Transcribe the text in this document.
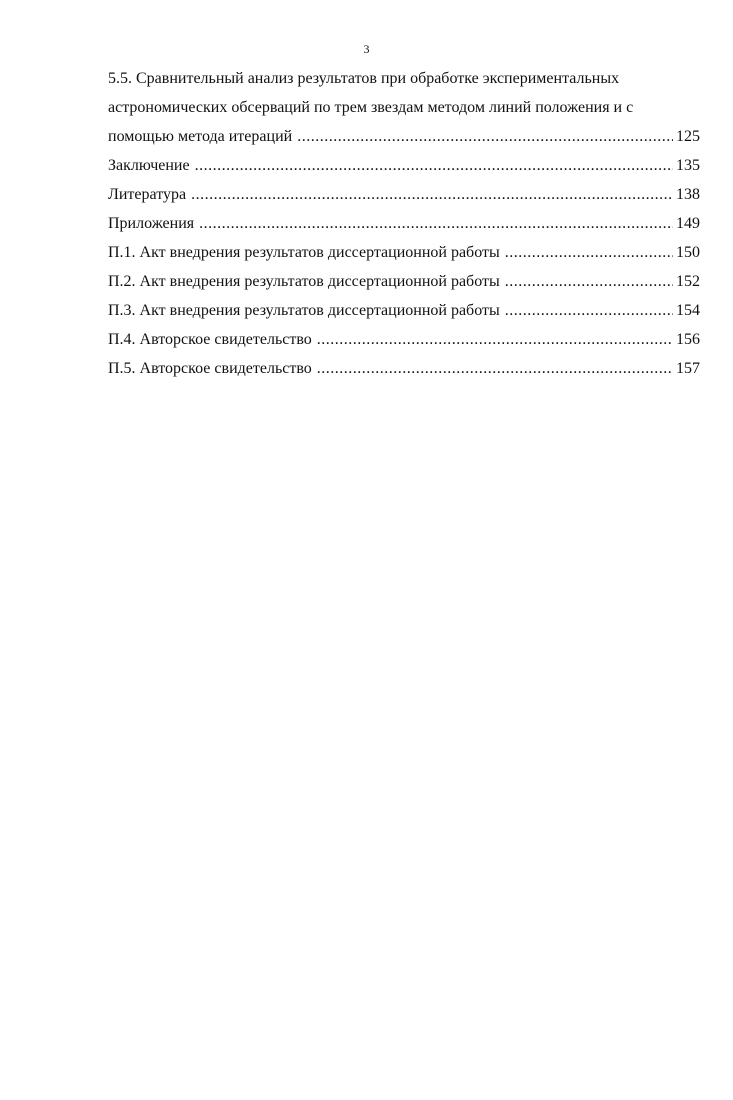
3
5.5. Сравнительный анализ результатов при обработке экспериментальных
астрономических обсерваций по трем звездам методом линий положения и с
помощью метода итераций .....	125
Заключение .....	135
Литература .....	138
Приложения .....	149
П.1. Акт внедрения результатов диссертационной работы .....	150
П.2. Акт внедрения результатов диссертационной работы .....	152
П.3. Акт внедрения результатов диссертационной работы .....	154
П.4. Авторское свидетельство .....	156
П.5. Авторское свидетельство .....	157
